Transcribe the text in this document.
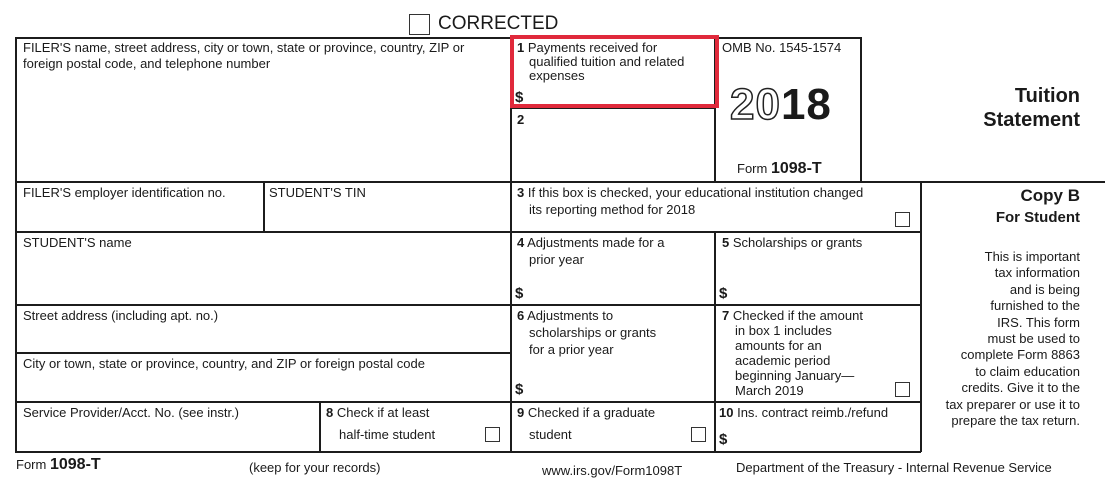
CORRECTED
FILER'S name, street address, city or town, state or province, country, ZIP or
foreign postal code, and telephone number
1 Payments received for
qualified tuition and related
expenses
$
2
OMB No. 1545-1574
2018
Form 1098-T
Tuition
Statement
FILER'S employer identification no.	STUDENT'S TIN	3 If this box is checked, your educational institution changed
its reporting method for 2018
Copy B
For Student
This is important
tax information
and is being
furnished to the
IRS. This form
must be used to
complete Form 8863
to claim education
credits. Give it to the
tax preparer or use it to
prepare the tax return.
STUDENT'S name	4 Adjustments made for a
prior year
$
5 Scholarships or grants
$
Street address (including apt. no.)
City or town, state or province, country, and ZIP or foreign postal code
6 Adjustments to
scholarships or grants
for a prior year
$
7 Checked if the amount
in box 1 includes
amounts for an
academic period
beginning January—
March 2019
Service Provider/Acct. No. (see instr.)	8 Check if at least
half-time student
9 Checked if a graduate
student
10 Ins. contract reimb./refund
$
Form 1098-T	(keep for your records)	www.irs.gov/Form1098T	Department of the Treasury - Internal Revenue Service
